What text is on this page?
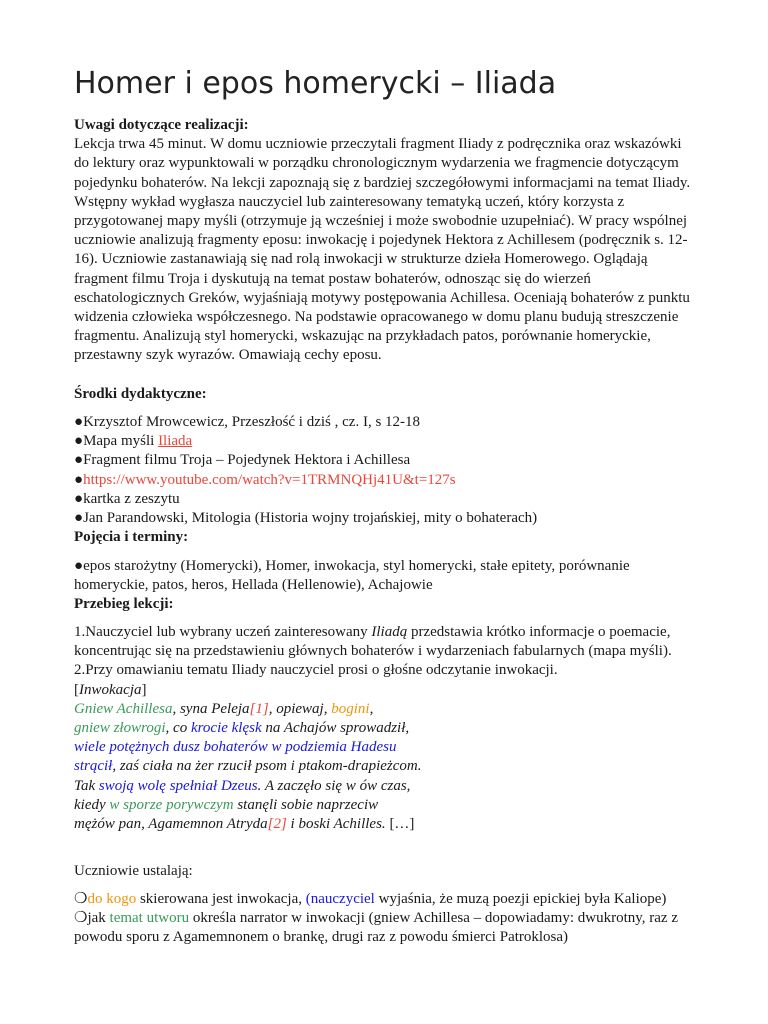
Homer i epos homerycki – Iliada
Uwagi dotyczące realizacji:
Lekcja trwa 45 minut. W domu uczniowie przeczytali fragment Iliady z podręcznika oraz wskazówki do lektury oraz wypunktowali w porządku chronologicznym wydarzenia we fragmencie dotyczącym pojedynku bohaterów. Na lekcji zapoznają się z bardziej szczegółowymi informacjami na temat Iliady. Wstępny wykład wygłasza nauczyciel lub zainteresowany tematyką uczeń, który korzysta z przygotowanej mapy myśli (otrzymuje ją wcześniej i może swobodnie uzupełniać). W pracy wspólnej uczniowie analizują fragmenty eposu: inwokację i pojedynek Hektora z Achillesem (podręcznik s. 12- 16). Uczniowie zastanawiają się nad rolą inwokacji w strukturze dzieła Homerowego. Oglądają fragment filmu Troja i dyskutują na temat postaw bohaterów, odnosząc się do wierzeń eschatologicznych Greków, wyjaśniają motywy postępowania Achillesa. Oceniają bohaterów z punktu widzenia człowieka współczesnego. Na podstawie opracowanego w domu planu budują streszczenie fragmentu. Analizują styl homerycki, wskazując na przykładach patos, porównanie homeryckie, przestawny szyk wyrazów. Omawiają cechy eposu.
Środki dydaktyczne:
●Krzysztof Mrowcewicz, Przeszłość i dziś , cz. I, s 12-18
●Mapa myśli Iliada
●Fragment filmu Troja – Pojedynek Hektora i Achillesa
●https://www.youtube.com/watch?v=1TRMNQHj41U&t=127s
●kartka z zeszytu
●Jan Parandowski, Mitologia (Historia wojny trojańskiej, mity o bohaterach)
Pojęcia i terminy:
●epos starożytny (Homerycki), Homer, inwokacja, styl homerycki, stałe epitety, porównanie homeryckie, patos, heros, Hellada (Hellenowie), Achajowie
Przebieg lekcji:
1.Nauczyciel lub wybrany uczeń zainteresowany Iliadą przedstawia krótko informacje o poemacie, koncentrując się na przedstawieniu głównych bohaterów i wydarzeniach fabularnych (mapa myśli).
2.Przy omawianiu tematu Iliady nauczyciel prosi o głośne odczytanie inwokacji.
[Inwokacja]
Gniew Achillesa, syna Peleja[1], opiewaj, bogini,
gniew złowrogi, co krocie klęsk na Achajów sprowadził,
wiele potężnych dusz bohaterów w podziemia Hadesu
strącił, zaś ciała na żer rzucił psom i ptakom-drapieżcom.
Tak swoją wolę spełniał Dzeus. A zaczęło się w ów czas,
kiedy w sporze porywczym stanęli sobie naprzeciw
mężów pan, Agamemnon Atryda[2] i boski Achilles. […]
Uczniowie ustalają:
❍do kogo skierowana jest inwokacja, (nauczyciel wyjaśnia, że muzą poezji epickiej była Kaliope)
❍jak temat utworu określa narrator w inwokacji (gniew Achillesa – dopowiadamy: dwukrotny, raz z powodu sporu z Agamemnonem o brankę, drugi raz z powodu śmierci Patroklosa)
